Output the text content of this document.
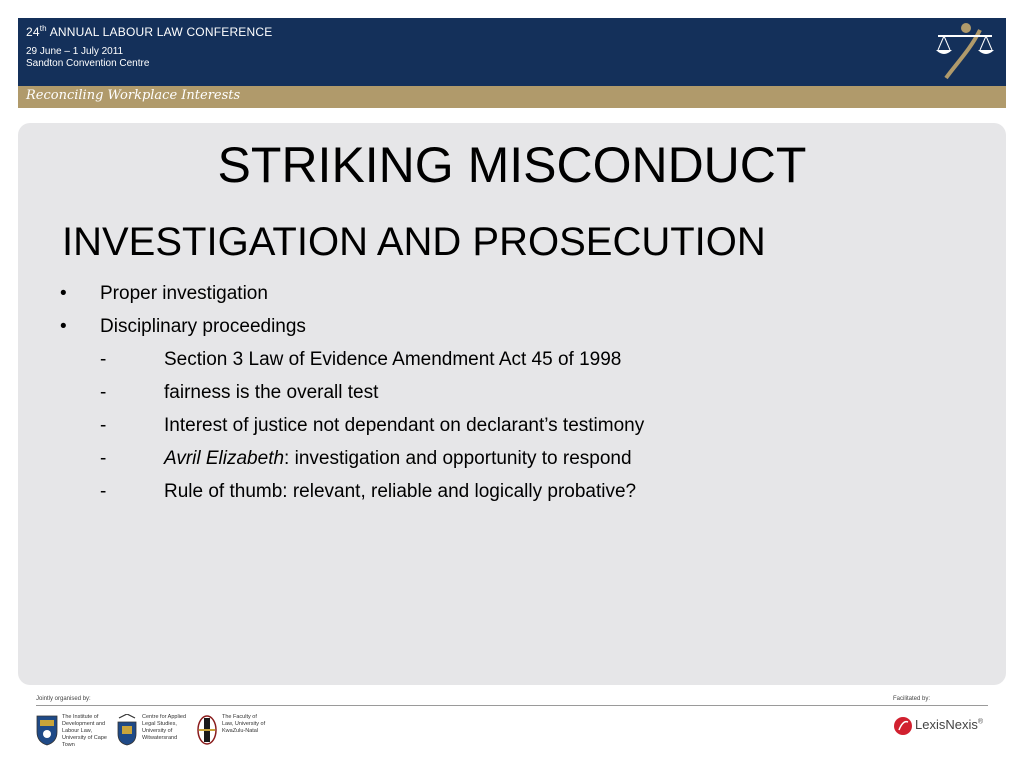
24th ANNUAL LABOUR LAW CONFERENCE
29 June – 1 July 2011
Sandton Convention Centre
Reconciling Workplace Interests
STRIKING MISCONDUCT
INVESTIGATION AND PROSECUTION
• Proper investigation
• Disciplinary proceedings
-	Section 3 Law of Evidence Amendment Act 45 of 1998
-	fairness is the overall test
-	Interest of justice not dependant on declarant’s testimony
-	Avril Elizabeth: investigation and opportunity to respond
-	Rule of thumb: relevant, reliable and logically probative?
Jointly organised by:	Facilitated by:
The Institute of Development and Labour Law, University of Cape Town
Centre for Applied Legal Studies, University of Witwatersrand
The Faculty of Law, University of KwaZulu-Natal	LexisNexis®
